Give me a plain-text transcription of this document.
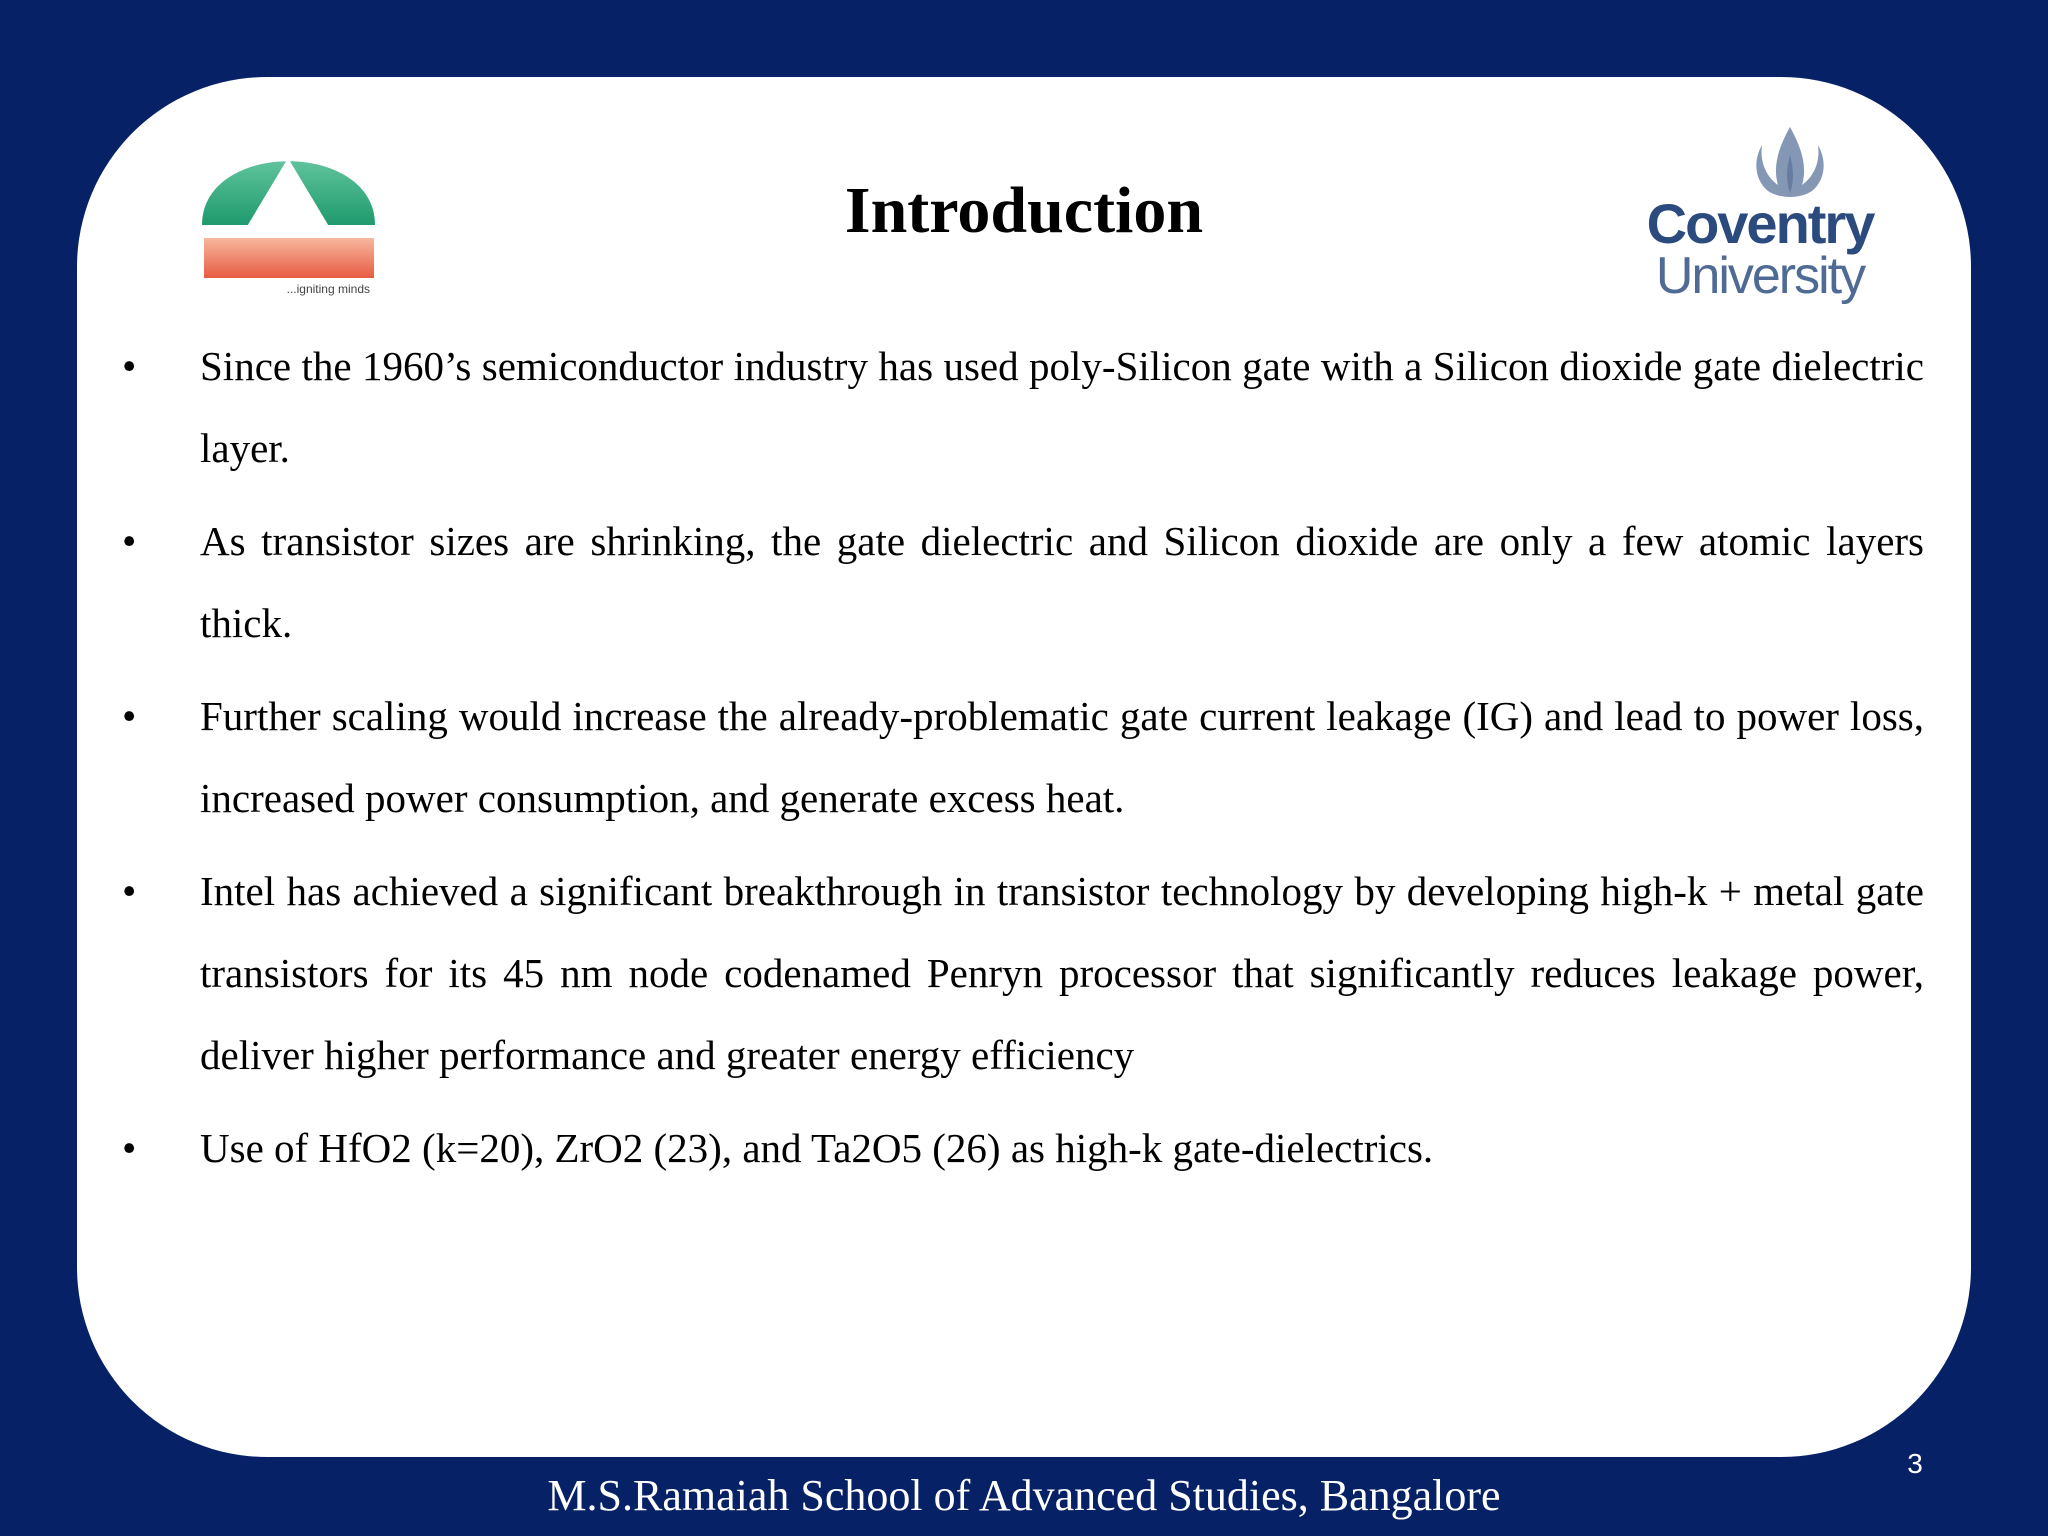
...igniting minds
Coventry
University
Introduction
• Since the 1960’s semiconductor industry has used poly-Silicon gate with a Silicon dioxide gate dielectric layer.
• As transistor sizes are shrinking, the gate dielectric and Silicon dioxide are only a few atomic layers thick.
• Further scaling would increase the already-problematic gate current leakage (IG) and lead to power loss, increased power consumption, and generate excess heat.
• Intel has achieved a significant breakthrough in transistor technology by developing high-k + metal gate transistors for its 45 nm node codenamed Penryn processor that significantly reduces leakage power, deliver higher performance and greater energy efficiency
• Use of HfO2 (k=20), ZrO2 (23), and Ta2O5 (26) as high-k gate-dielectrics.
M.S.Ramaiah School of Advanced Studies, Bangalore
3
